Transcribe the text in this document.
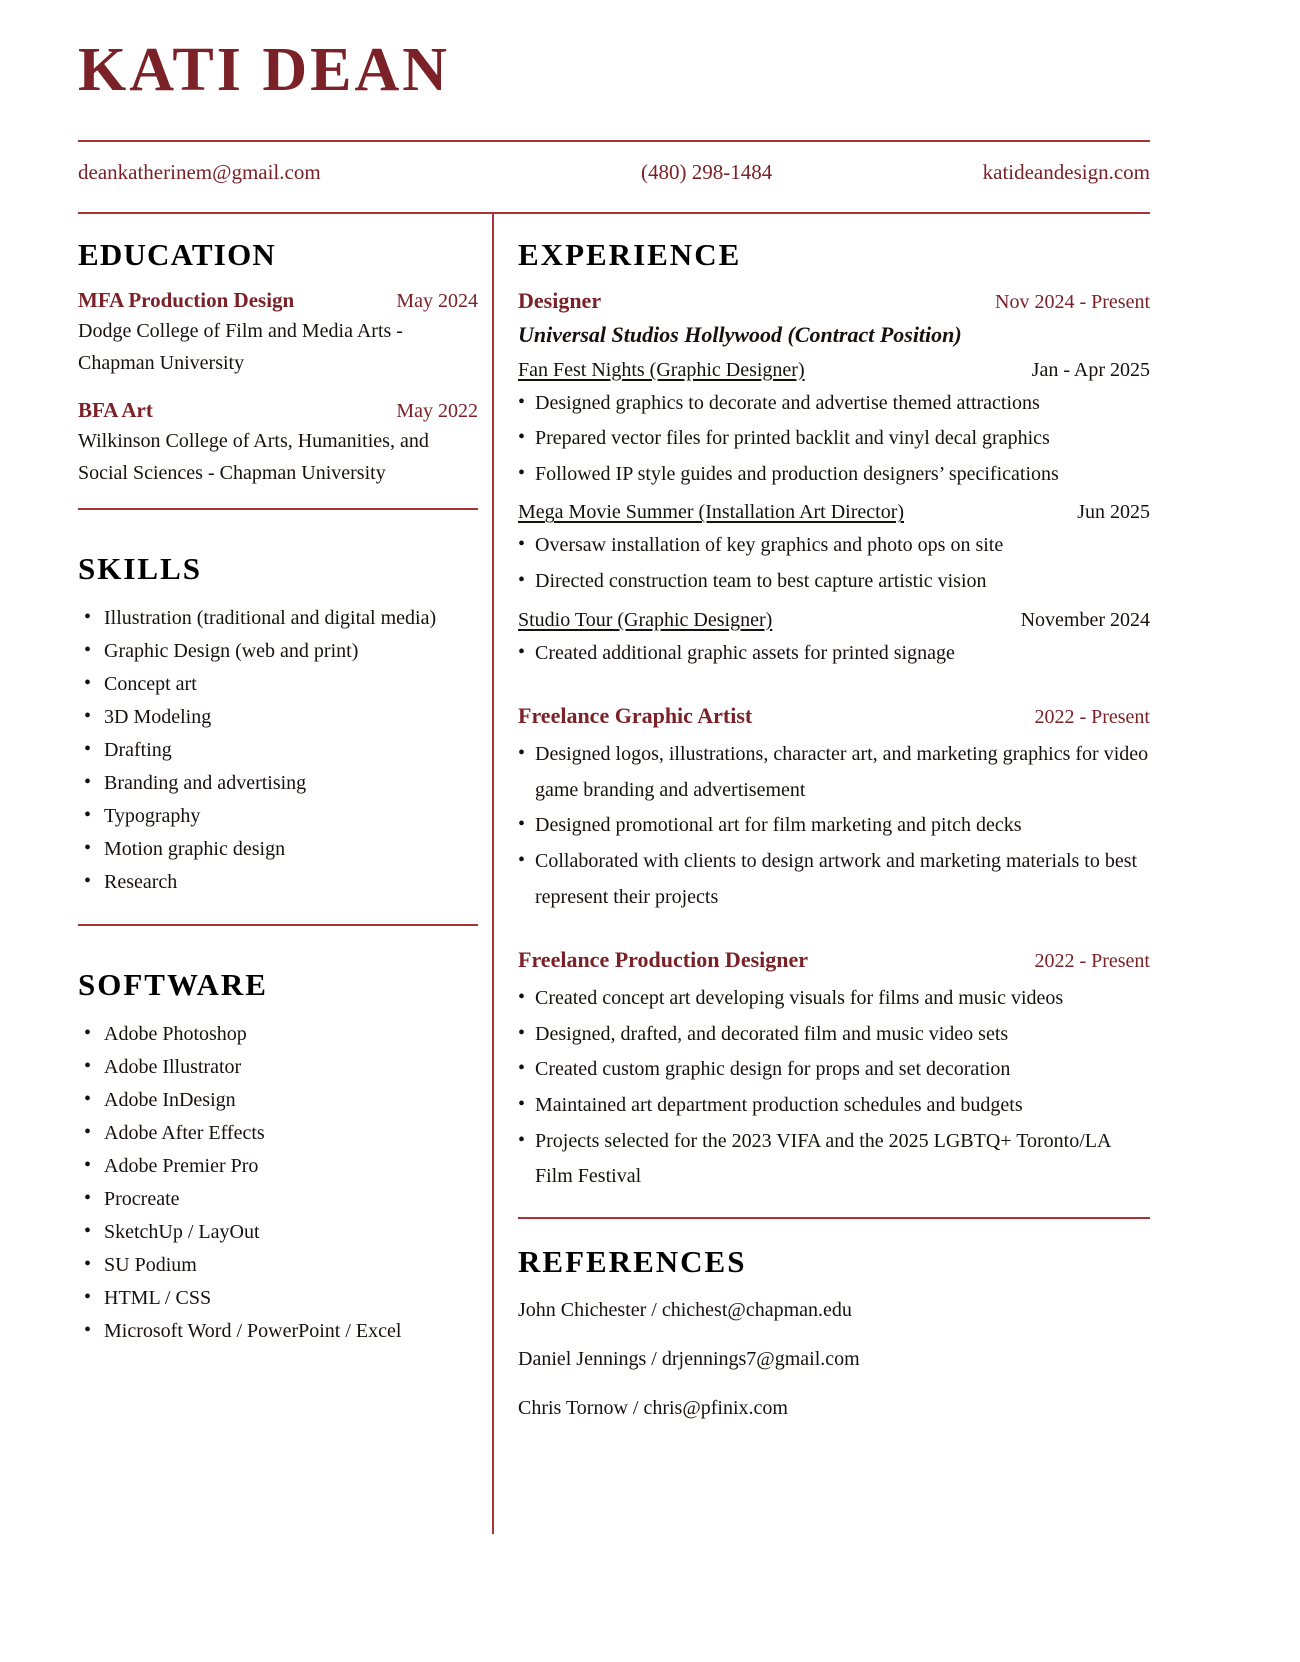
KATI DEAN
deankatherinem@gmail.com	(480) 298-1484	katideandesign.com
EDUCATION
MFA Production Design	May 2024
Dodge College of Film and Media Arts - Chapman University
BFA Art	May 2022
Wilkinson College of Arts, Humanities, and Social Sciences - Chapman University
SKILLS
• Illustration (traditional and digital media)
• Graphic Design (web and print)
• Concept art
• 3D Modeling
• Drafting
• Branding and advertising
• Typography
• Motion graphic design
• Research
SOFTWARE
• Adobe Photoshop
• Adobe Illustrator
• Adobe InDesign
• Adobe After Effects
• Adobe Premier Pro
• Procreate
• SketchUp / LayOut
• SU Podium
• HTML / CSS
• Microsoft Word / PowerPoint / Excel
EXPERIENCE
Designer	Nov 2024 - Present
Universal Studios Hollywood (Contract Position)
Fan Fest Nights (Graphic Designer)	Jan - Apr 2025
• Designed graphics to decorate and advertise themed attractions
• Prepared vector files for printed backlit and vinyl decal graphics
• Followed IP style guides and production designers’ specifications
Mega Movie Summer (Installation Art Director)	Jun 2025
• Oversaw installation of key graphics and photo ops on site
• Directed construction team to best capture artistic vision
Studio Tour (Graphic Designer)	November 2024
• Created additional graphic assets for printed signage
Freelance Graphic Artist	2022 - Present
• Designed logos, illustrations, character art, and marketing graphics for video game branding and advertisement
• Designed promotional art for film marketing and pitch decks
• Collaborated with clients to design artwork and marketing materials to best represent their projects
Freelance Production Designer	2022 - Present
• Created concept art developing visuals for films and music videos
• Designed, drafted, and decorated film and music video sets
• Created custom graphic design for props and set decoration
• Maintained art department production schedules and budgets
• Projects selected for the 2023 VIFA and the 2025 LGBTQ+ Toronto/LA Film Festival
REFERENCES
John Chichester / chichest@chapman.edu
Daniel Jennings / drjennings7@gmail.com
Chris Tornow / chris@pfinix.com
